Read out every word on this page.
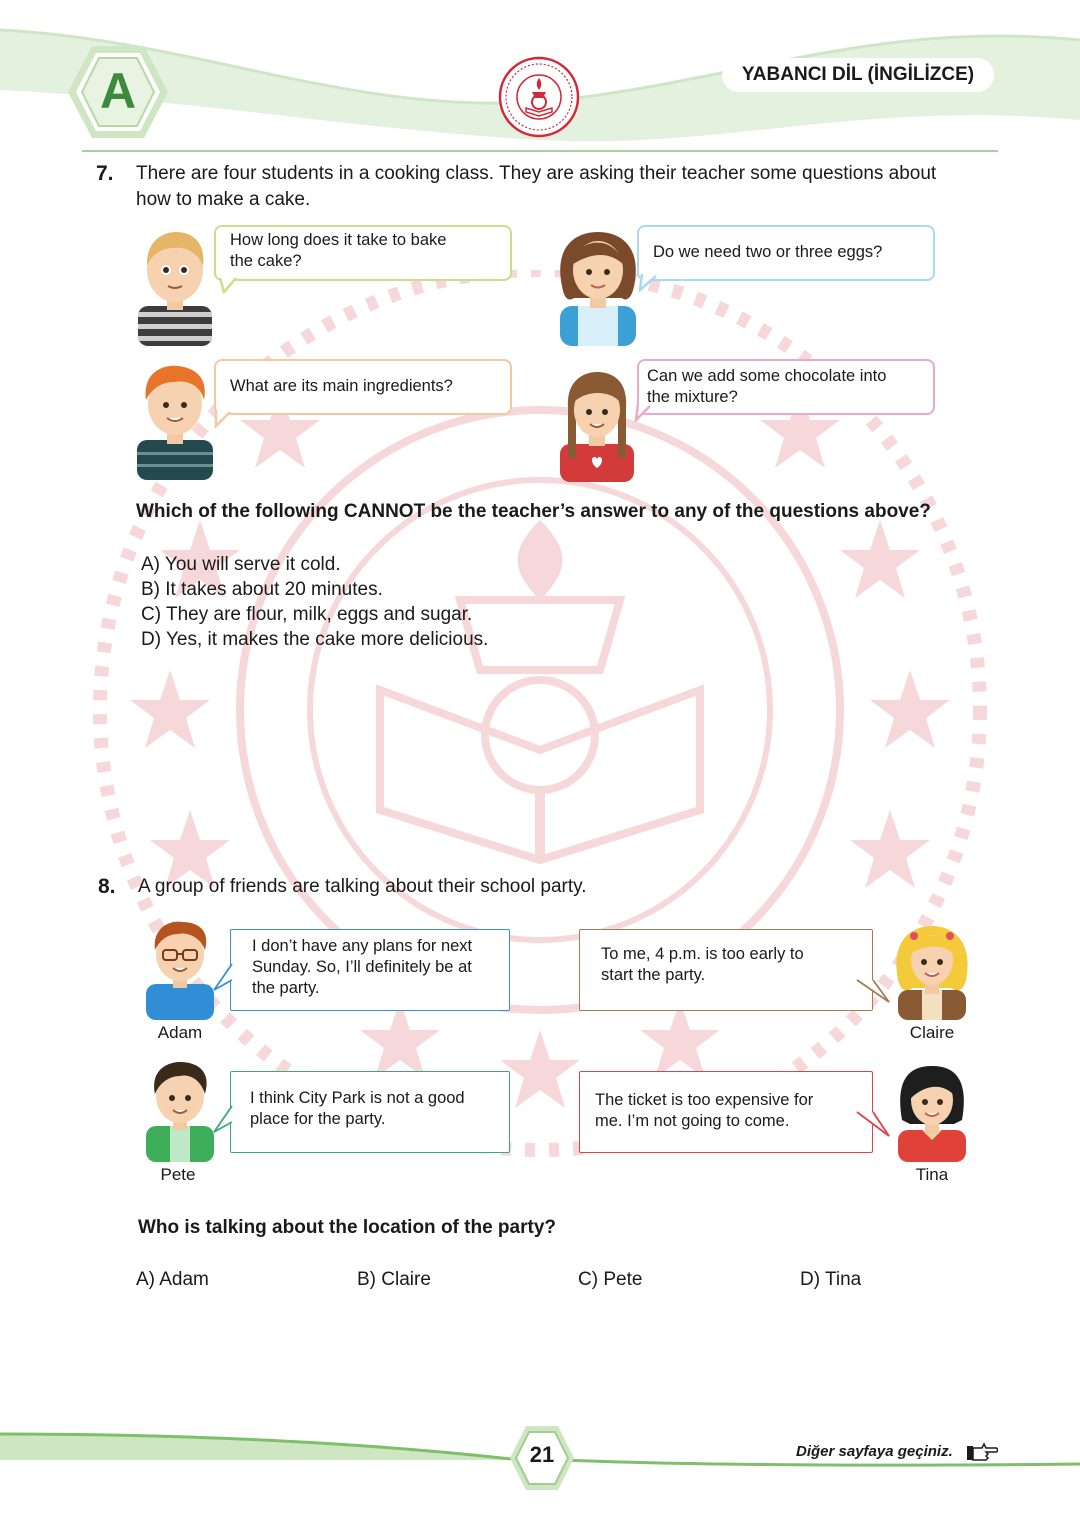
A	YABANCI DİL (İNGİLİZCE)
7. There are four students in a cooking class. They are asking their teacher some questions about
how to make a cake.
How long does it take to bake
the cake?	Do we need two or three eggs?
What are its main ingredients?
Can we add some chocolate into
the mixture?
Which of the following CANNOT be the teacher’s answer to any of the questions above?
A) You will serve it cold.
B) It takes about 20 minutes.
C) They are flour, milk, eggs and sugar.
D) Yes, it makes the cake more delicious.
8. A group of friends are talking about their school party.
Adam
I don’t have any plans for next
Sunday. So, I’ll definitely be at
the party.
To me, 4 p.m. is too early to
start the party.
Claire
Pete
I think City Park is not a good
place for the party.
The ticket is too expensive for
me. I’m not going to come.
Tina
Who is talking about the location of the party?
A) Adam	B) Claire	C) Pete	D) Tina
21	Diğer sayfaya geçiniz.
